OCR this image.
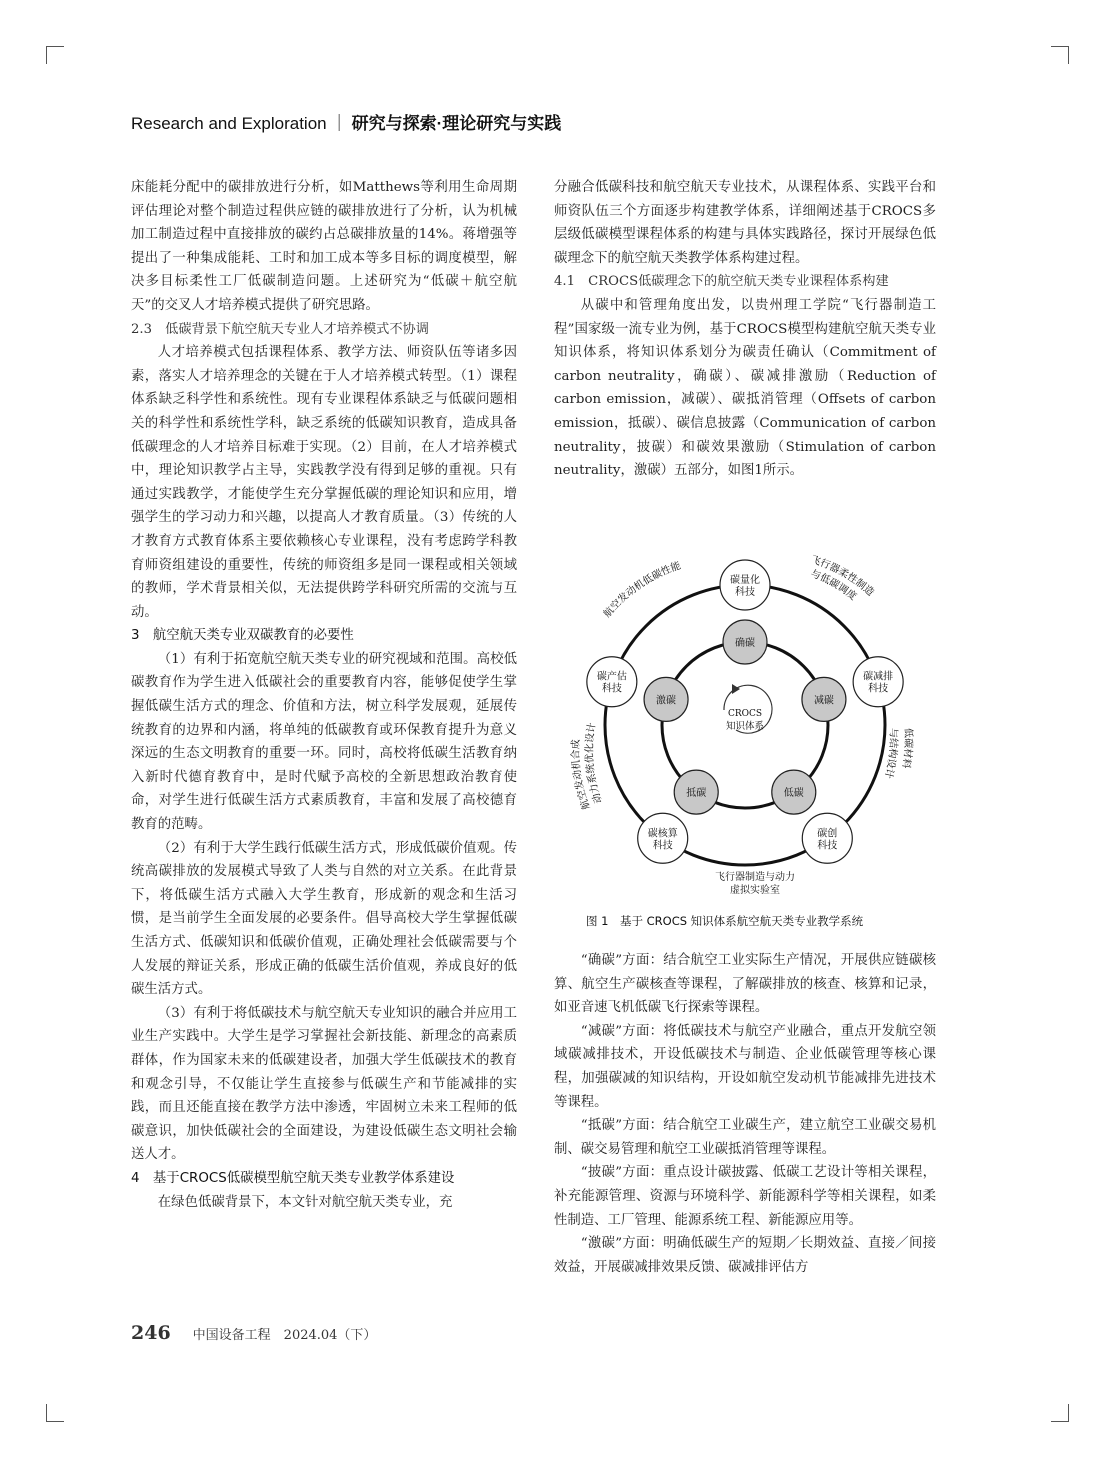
Research and Exploration ｜ 研究与探索·理论研究与实践

床能耗分配中的碳排放进行分析，如Matthews等利用生命周期评估理论对整个制造过程供应链的碳排放进行了分析，认为机械加工制造过程中直接排放的碳约占总碳排放量的14%。蒋增强等提出了一种集成能耗、工时和加工成本等多目标的调度模型，解决多目标柔性工厂低碳制造问题。上述研究为“低碳＋航空航天”的交叉人才培养模式提供了研究思路。

2.3　低碳背景下航空航天专业人才培养模式不协调

人才培养模式包括课程体系、教学方法、师资队伍等诸多因素，落实人才培养理念的关键在于人才培养模式转型。（1）课程体系缺乏科学性和系统性。现有专业课程体系缺乏与低碳问题相关的科学性和系统性学科，缺乏系统的低碳知识教育，造成具备低碳理念的人才培养目标难于实现。（2）目前，在人才培养模式中，理论知识教学占主导，实践教学没有得到足够的重视。只有通过实践教学，才能使学生充分掌握低碳的理论知识和应用，增强学生的学习动力和兴趣，以提高人才教育质量。（3）传统的人才教育方式教育体系主要依赖核心专业课程，没有考虑跨学科教育师资组建设的重要性，传统的师资组多是同一课程或相关领域的教师，学术背景相关似，无法提供跨学科研究所需的交流与互动。

3　航空航天类专业双碳教育的必要性

（1）有利于拓宽航空航天类专业的研究视域和范围。高校低碳教育作为学生进入低碳社会的重要教育内容，能够促使学生掌握低碳生活方式的理念、价值和方法，树立科学发展观，延展传统教育的边界和内涵，将单纯的低碳教育或环保教育提升为意义深远的生态文明教育的重要一环。同时，高校将低碳生活教育纳入新时代德育教育中，是时代赋予高校的全新思想政治教育使命，对学生进行低碳生活方式素质教育，丰富和发展了高校德育教育的范畴。

（2）有利于大学生践行低碳生活方式，形成低碳价值观。传统高碳排放的发展模式导致了人类与自然的对立关系。在此背景下，将低碳生活方式融入大学生教育，形成新的观念和生活习惯，是当前学生全面发展的必要条件。倡导高校大学生掌握低碳生活方式、低碳知识和低碳价值观，正确处理社会低碳需要与个人发展的辩证关系，形成正确的低碳生活价值观，养成良好的低碳生活方式。

（3）有利于将低碳技术与航空航天专业知识的融合并应用工业生产实践中。大学生是学习掌握社会新技能、新理念的高素质群体，作为国家未来的低碳建设者，加强大学生低碳技术的教育和观念引导，不仅能让学生直接参与低碳生产和节能减排的实践，而且还能直接在教学方法中渗透，牢固树立未来工程师的低碳意识，加快低碳社会的全面建设，为建设低碳生态文明社会输送人才。

4　基于CROCS低碳模型航空航天类专业教学体系建设

在绿色低碳背景下，本文针对航空航天类专业，充

分融合低碳科技和航空航天专业技术，从课程体系、实践平台和师资队伍三个方面逐步构建教学体系，详细阐述基于CROCS多层级低碳模型课程体系的构建与具体实践路径，探讨开展绿色低碳理念下的航空航天类教学体系构建过程。

4.1　CROCS低碳理念下的航空航天类专业课程体系构建

从碳中和管理角度出发，以贵州理工学院“飞行器制造工程”国家级一流专业为例，基于CROCS模型构建航空航天类专业知识体系，将知识体系划分为碳责任确认（Commitment of carbon neutrality，确碳）、碳减排激励（Reduction of carbon emission，减碳）、碳抵消管理（Offsets of carbon emission，抵碳）、碳信息披露（Communication of carbon neutrality，披碳）和碳效果激励（Stimulation of carbon neutrality，激碳）五部分，如图1所示。

CROCS
知识体系
确碳
减碳
低碳
抵碳
激碳
碳量化
科技
碳减排
科技
碳创
科技
碳核算
科技
碳产估
科技
航空发动机低碳性能	飞行器柔性制造
与低碳调度
低碳材料
与结构设计
航空发动机合成
动力系统优化设计
飞行器制造与动力
虚拟实验室
图 1　基于 CROCS 知识体系航空航天类专业教学系统

“确碳”方面：结合航空工业实际生产情况，开展供应链碳核算、航空生产碳核查等课程，了解碳排放的核查、核算和记录，如亚音速飞机低碳飞行探索等课程。

“减碳”方面：将低碳技术与航空产业融合，重点开发航空领域碳减排技术，开设低碳技术与制造、企业低碳管理等核心课程，加强碳减的知识结构，开设如航空发动机节能减排先进技术等课程。

“抵碳”方面：结合航空工业碳生产，建立航空工业碳交易机制、碳交易管理和航空工业碳抵消管理等课程。

“披碳”方面：重点设计碳披露、低碳工艺设计等相关课程，补充能源管理、资源与环境科学、新能源科学等相关课程，如柔性制造、工厂管理、能源系统工程、新能源应用等。

“激碳”方面：明确低碳生产的短期／长期效益、直接／间接效益，开展碳减排效果反馈、碳减排评估方

246 中国设备工程　2024.04（下）
